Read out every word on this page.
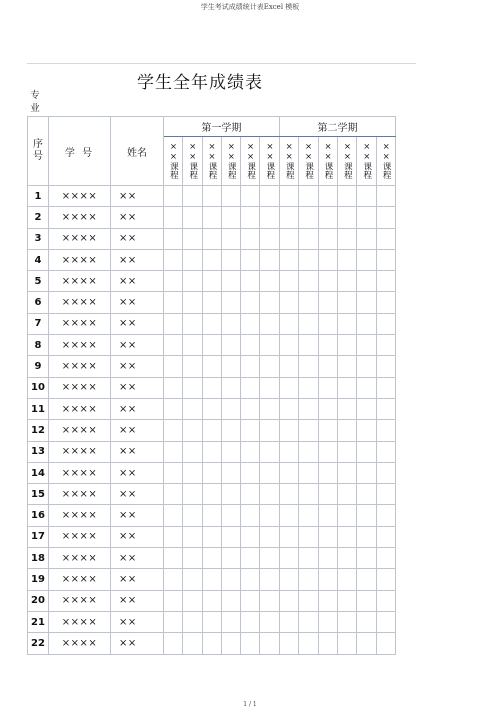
学生考试成绩统计表Excel 模板
学生全年成绩表
专业
序号	学 号	姓名	第一学期						第二学期					
			××课程	××课程	××课程	××课程	××课程	××课程	××课程	××课程	××课程	××课程	××课程	××课程
1	××××	××												
2	××××	××												
3	××××	××												
4	××××	××												
5	××××	××												
6	××××	××												
7	××××	××												
8	××××	××												
9	××××	××												
10	××××	××												
11	××××	××												
12	××××	××												
13	××××	××												
14	××××	××												
15	××××	××												
16	××××	××												
17	××××	××												
18	××××	××												
19	××××	××												
20	××××	××												
21	××××	××												
22	××××	××												
1 / 1
